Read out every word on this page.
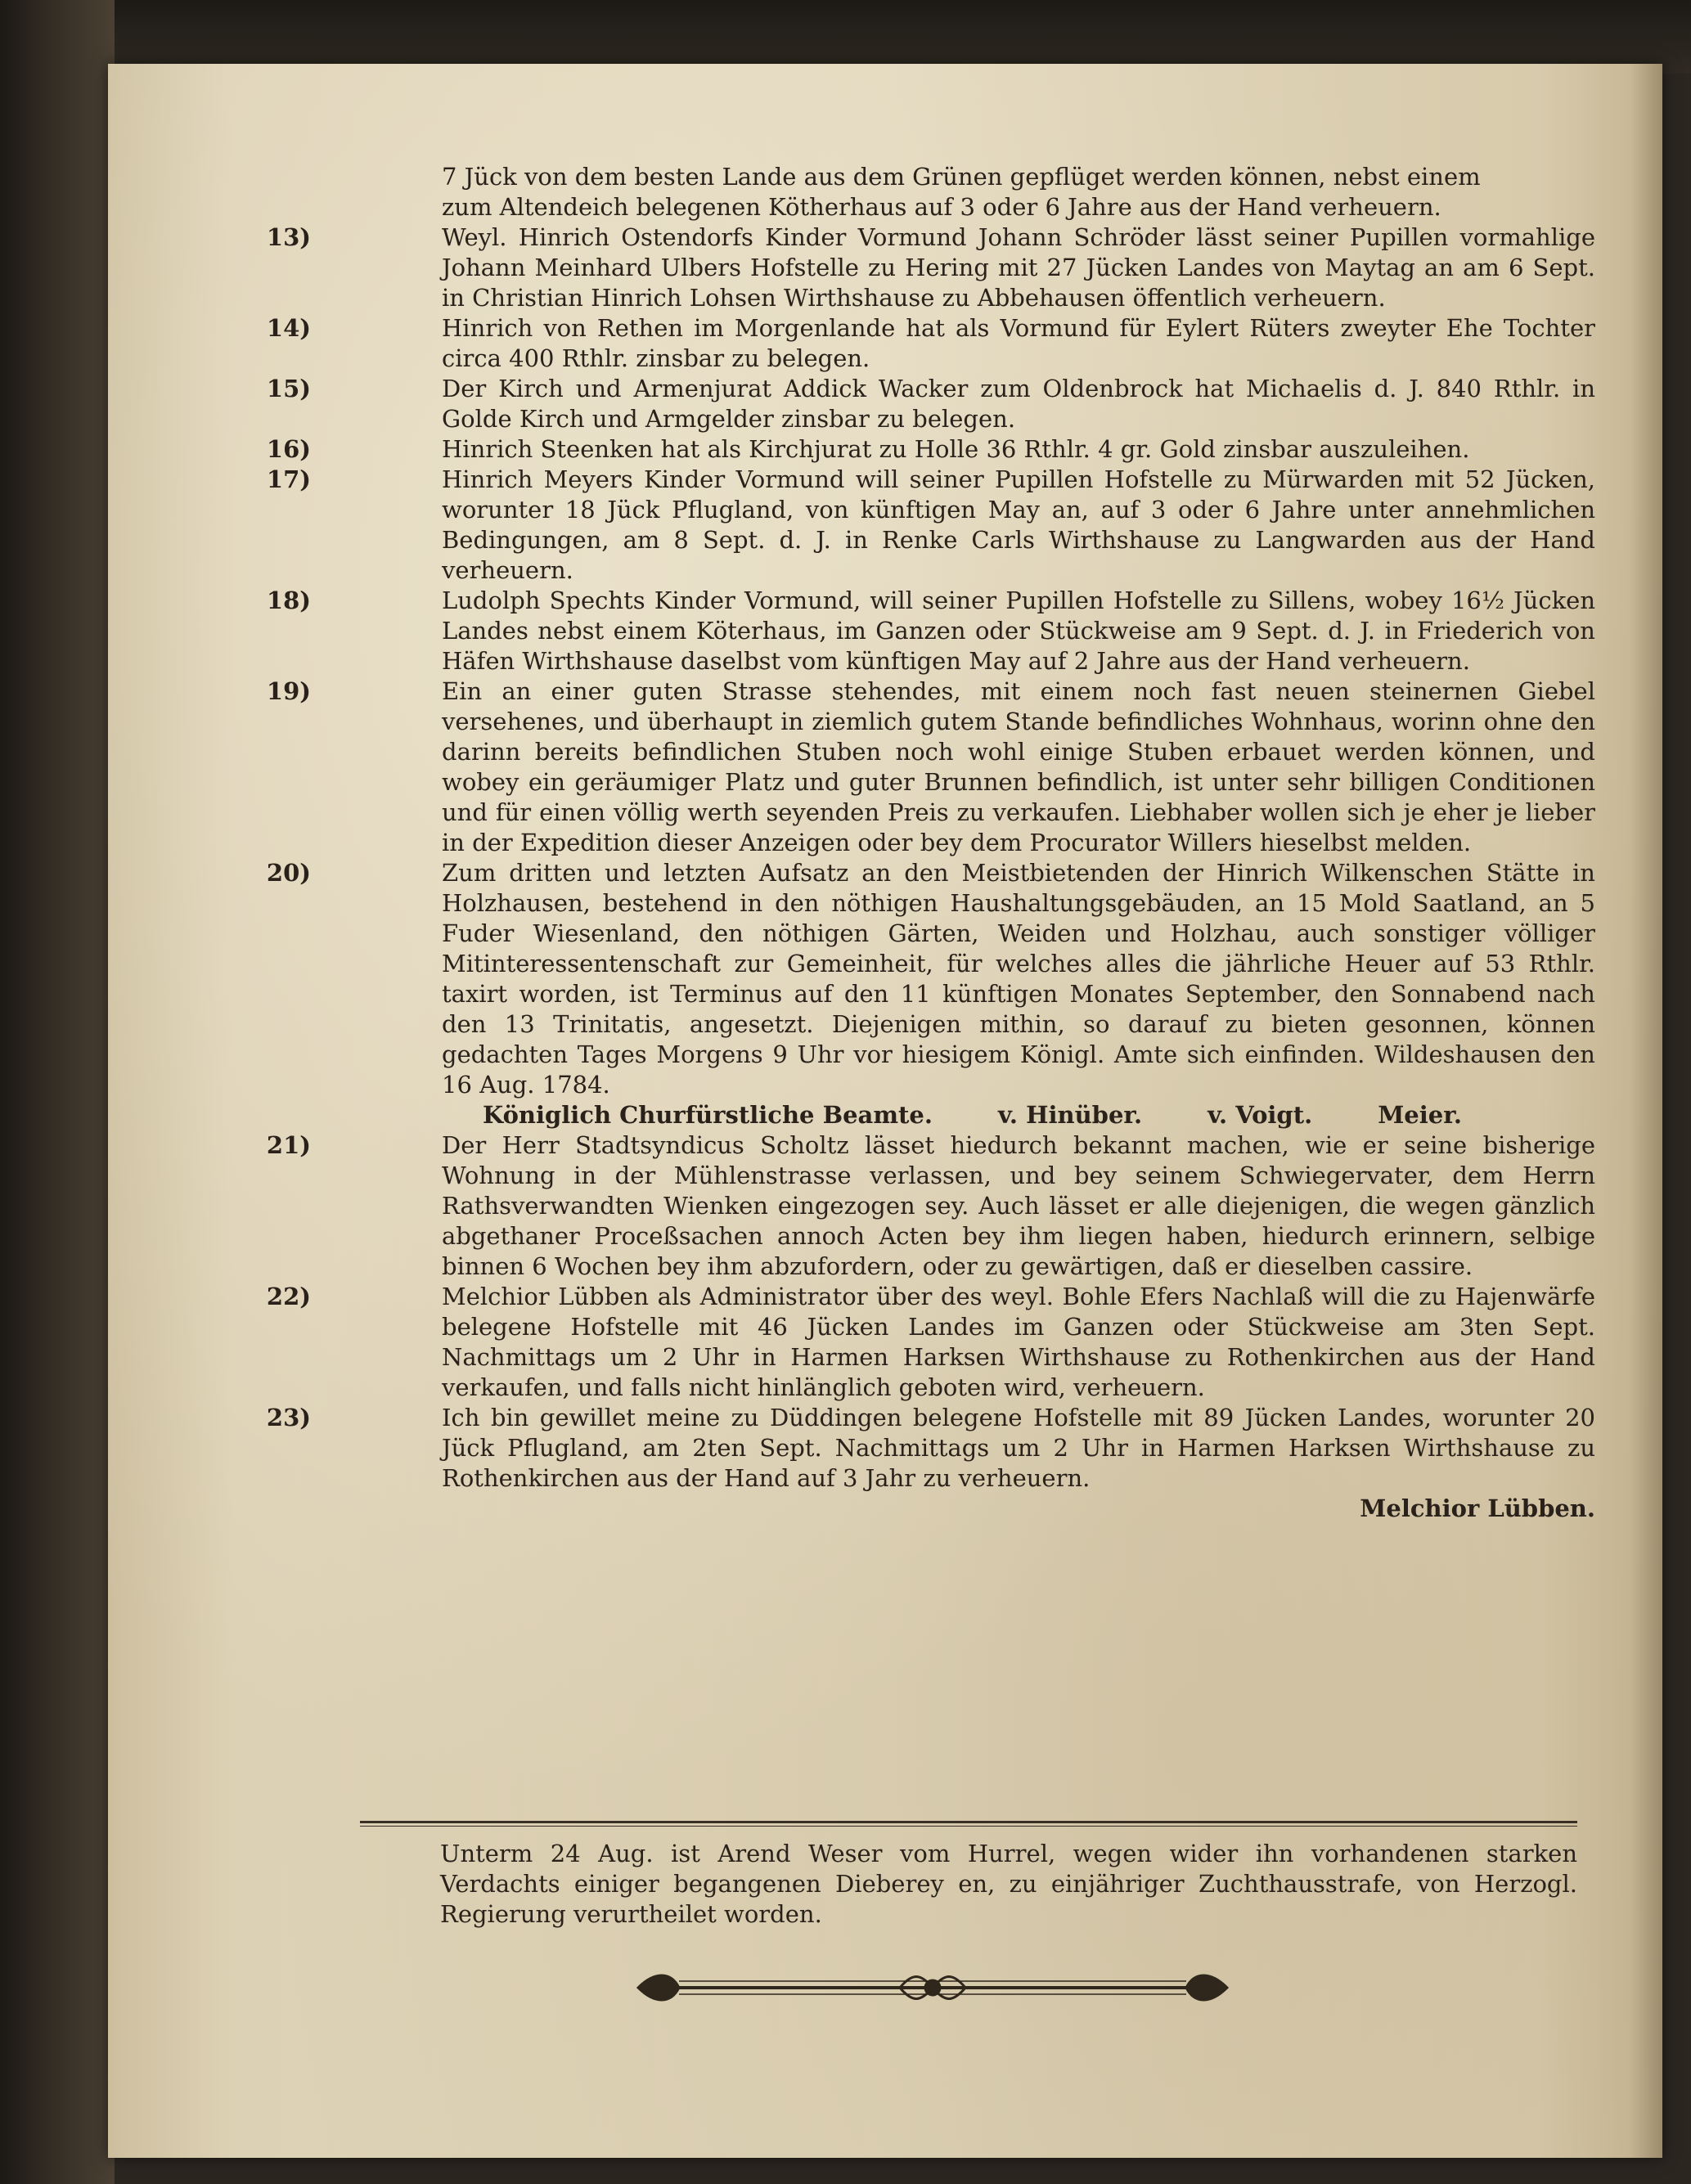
7 Jück von dem besten Lande aus dem Grünen gepflüget werden können, nebst einem

zum Altendeich belegenen Kötherhaus auf 3 oder 6 Jahre aus der Hand verheuern.

13)	Weyl. Hinrich Ostendorfs Kinder Vormund Johann Schröder lässt seiner Pupillen vormahlige Johann Meinhard Ulbers Hofstelle zu Hering mit 27 Jücken Landes von Maytag an am 6 Sept. in Christian Hinrich Lohsen Wirthshause zu Abbehausen öffentlich verheuern.
14)	Hinrich von Rethen im Morgenlande hat als Vormund für Eylert Rüters zweyter Ehe Tochter circa 400 Rthlr. zinsbar zu belegen.
15)	Der Kirch und Armenjurat Addick Wacker zum Oldenbrock hat Michaelis d. J. 840 Rthlr. in Golde Kirch und Armgelder zinsbar zu belegen.
16)	Hinrich Steenken hat als Kirchjurat zu Holle 36 Rthlr. 4 gr. Gold zinsbar auszuleihen.
17)	Hinrich Meyers Kinder Vormund will seiner Pupillen Hofstelle zu Mürwarden mit 52 Jücken, worunter 18 Jück Pflugland, von künftigen May an, auf 3 oder 6 Jahre unter annehmlichen Bedingungen, am 8 Sept. d. J. in Renke Carls Wirthshause zu Langwarden aus der Hand verheuern.
18)	Ludolph Spechts Kinder Vormund, will seiner Pupillen Hofstelle zu Sillens, wobey 16½ Jücken Landes nebst einem Köterhaus, im Ganzen oder Stückweise am 9 Sept. d. J. in Friederich von Häfen Wirthshause daselbst vom künftigen May auf 2 Jahre aus der Hand verheuern.
19)	Ein an einer guten Strasse stehendes, mit einem noch fast neuen steinernen Giebel versehenes, und überhaupt in ziemlich gutem Stande befindliches Wohnhaus, worinn ohne den darinn bereits befindlichen Stuben noch wohl einige Stuben erbauet werden können, und wobey ein geräumiger Platz und guter Brunnen befindlich, ist unter sehr billigen Conditionen und für einen völlig werth seyenden Preis zu verkaufen. Liebhaber wollen sich je eher je lieber in der Expedition dieser Anzeigen oder bey dem Procurator Willers hieselbst melden.
20)	Zum dritten und letzten Aufsatz an den Meistbietenden der Hinrich Wilkenschen Stätte in Holzhausen, bestehend in den nöthigen Haushaltungsgebäuden, an 15 Mold Saatland, an 5 Fuder Wiesenland, den nöthigen Gärten, Weiden und Holzhau, auch sonstiger völliger Mitinteressentenschaft zur Gemeinheit, für welches alles die jährliche Heuer auf 53 Rthlr. taxirt worden, ist Terminus auf den 11 künftigen Monates September, den Sonnabend nach den 13 Trinitatis, angesetzt. Diejenigen mithin, so darauf zu bieten gesonnen, können gedachten Tages Morgens 9 Uhr vor hiesigem Königl. Amte sich einfinden. Wildeshausen den 16 Aug. 1784.
Königlich Churfürstliche Beamte.	v. Hinüber.	v. Voigt.	Meier.
21)	Der Herr Stadtsyndicus Scholtz lässet hiedurch bekannt machen, wie er seine bisherige Wohnung in der Mühlenstrasse verlassen, und bey seinem Schwiegervater, dem Herrn Rathsverwandten Wienken eingezogen sey. Auch lässet er alle diejenigen, die wegen gänzlich abgethaner Proceßsachen annoch Acten bey ihm liegen haben, hiedurch erinnern, selbige binnen 6 Wochen bey ihm abzufordern, oder zu gewärtigen, daß er dieselben cassire.
22)	Melchior Lübben als Administrator über des weyl. Bohle Efers Nachlaß will die zu Hajenwärfe belegene Hofstelle mit 46 Jücken Landes im Ganzen oder Stückweise am 3ten Sept. Nachmittags um 2 Uhr in Harmen Harksen Wirthshause zu Rothenkirchen aus der Hand verkaufen, und falls nicht hinlänglich geboten wird, verheuern.
23)	Ich bin gewillet meine zu Düddingen belegene Hofstelle mit 89 Jücken Landes, worunter 20 Jück Pflugland, am 2ten Sept. Nachmittags um 2 Uhr in Harmen Harksen Wirthshause zu Rothenkirchen aus der Hand auf 3 Jahr zu verheuern.
Melchior Lübben.
Unterm 24 Aug. ist Arend Weser vom Hurrel, wegen wider ihn vorhandenen starken Verdachts einiger begangenen Dieberey en, zu einjähriger Zuchthausstrafe, von Herzogl. Regierung verurtheilet worden.
